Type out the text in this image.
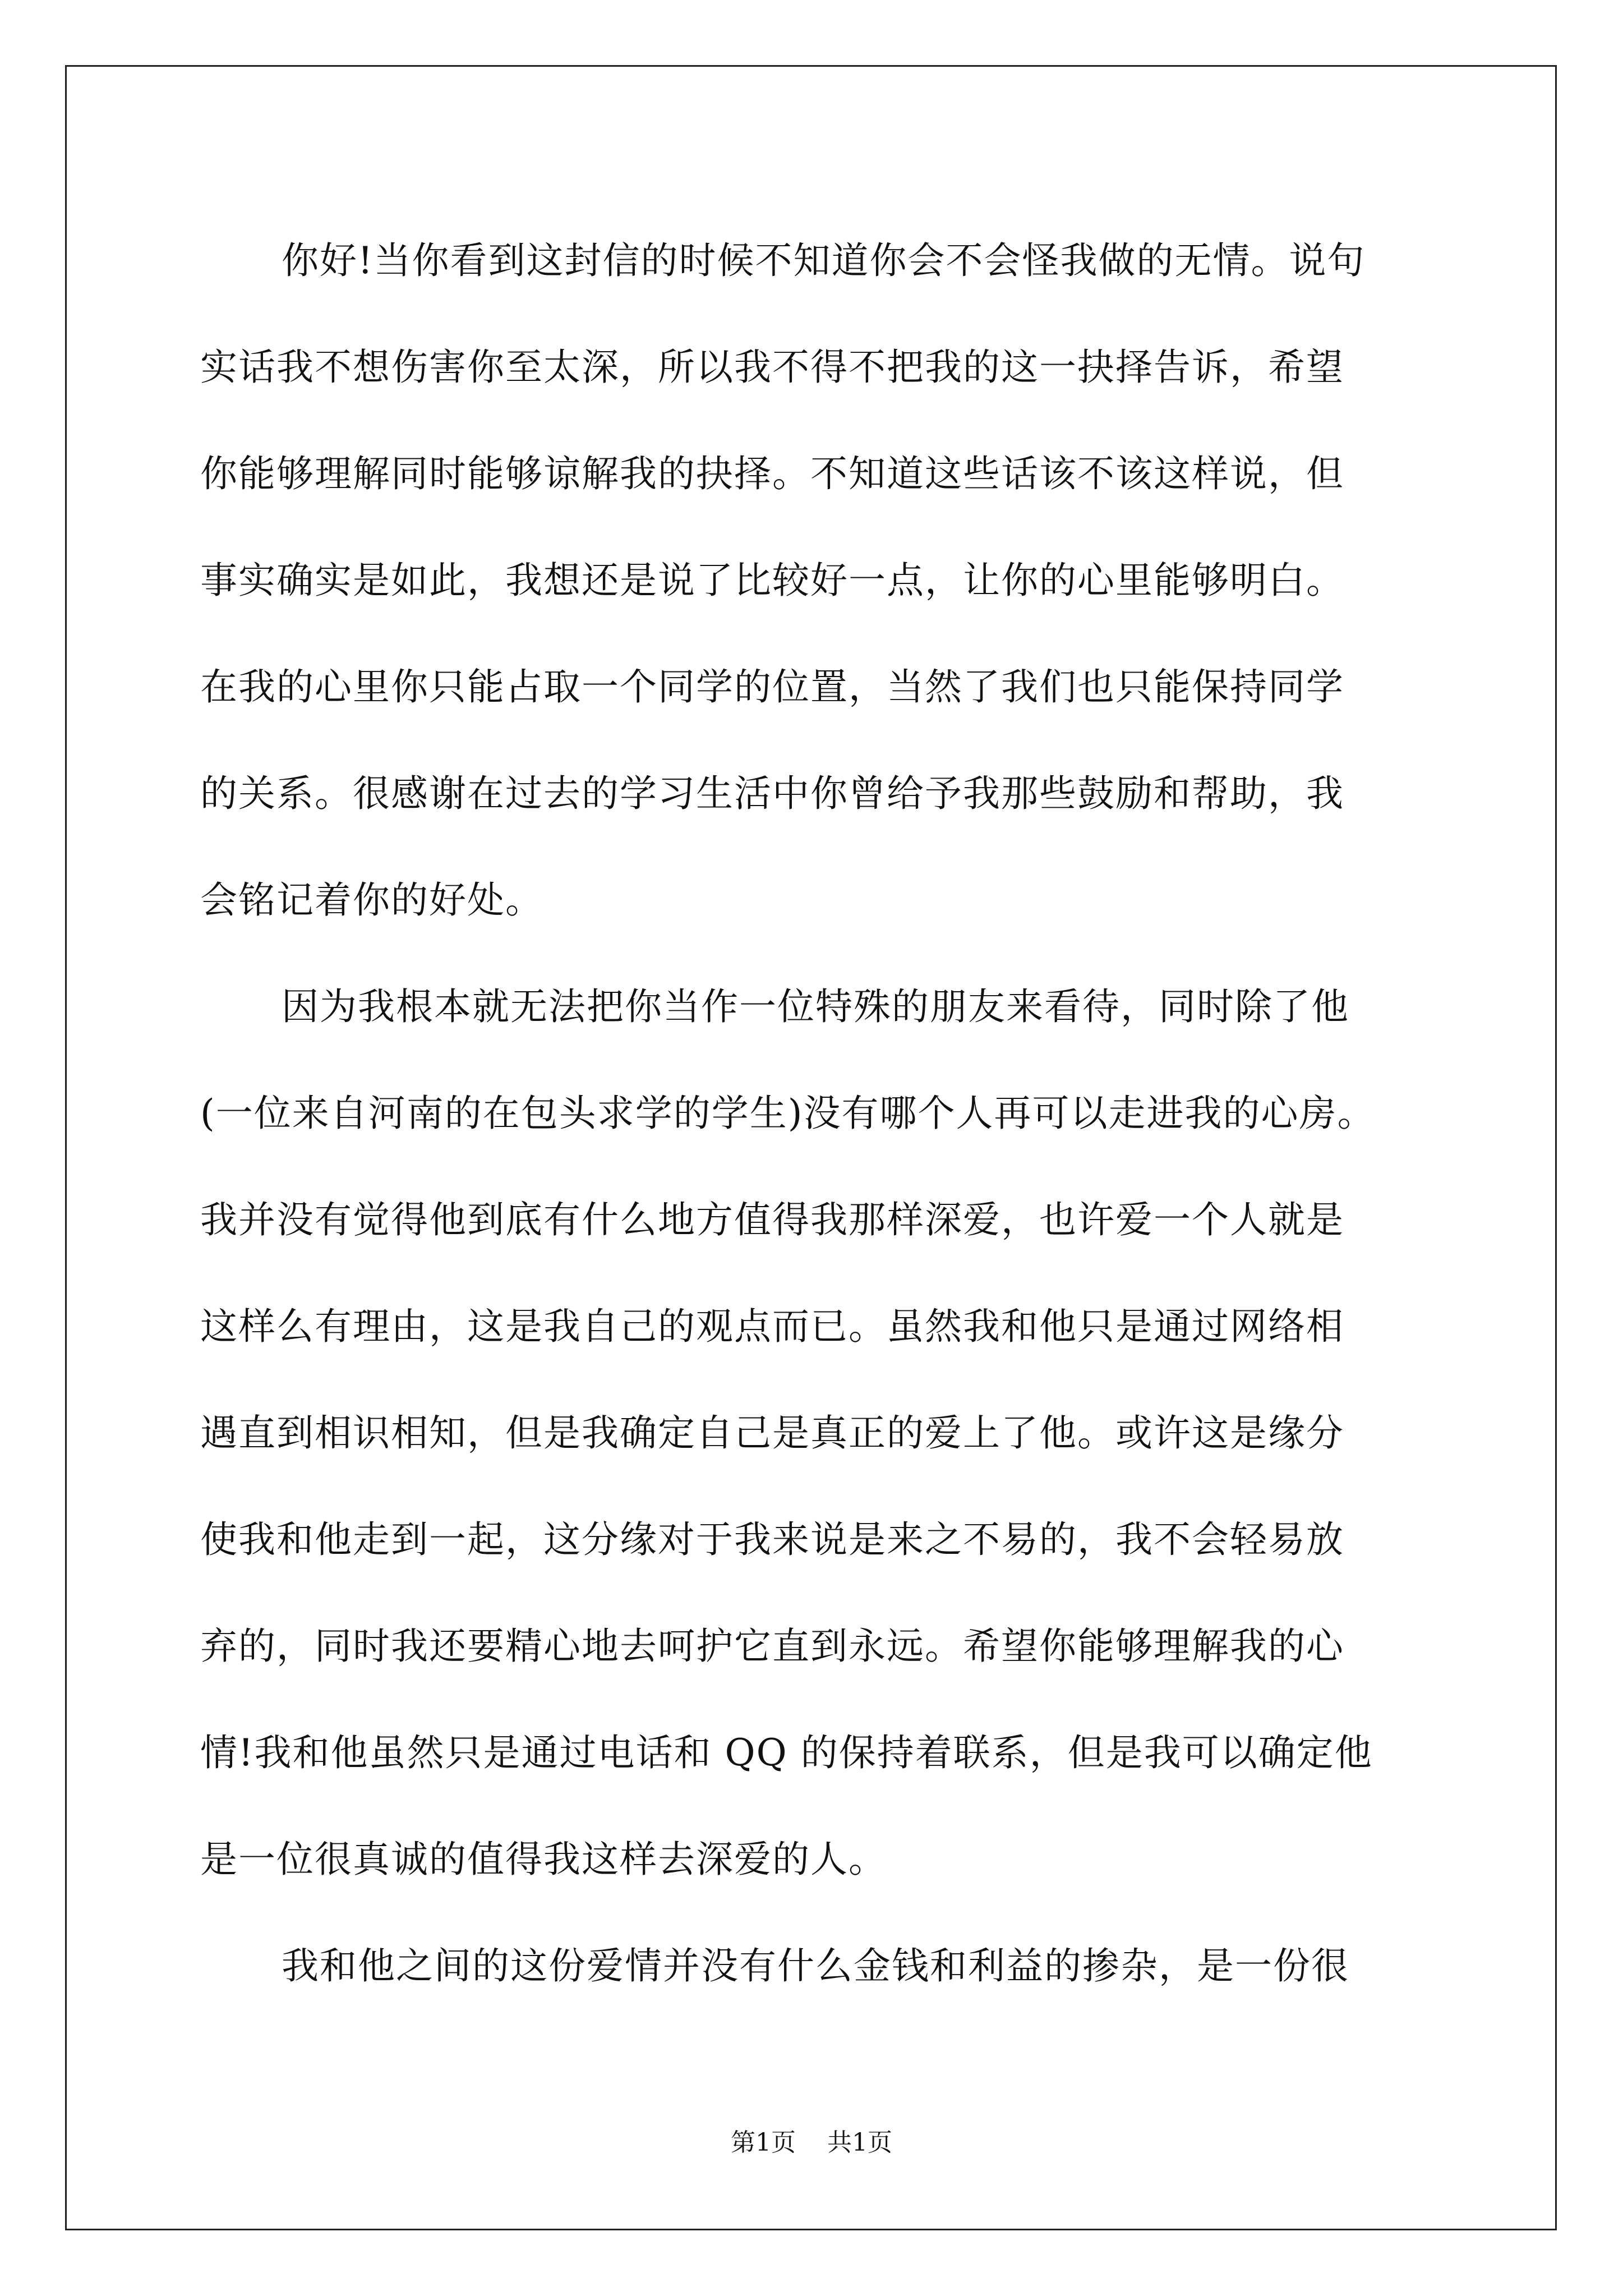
你好!当你看到这封信的时候不知道你会不会怪我做的无情。说句
实话我不想伤害你至太深，所以我不得不把我的这一抉择告诉，希望
你能够理解同时能够谅解我的抉择。不知道这些话该不该这样说，但
事实确实是如此，我想还是说了比较好一点，让你的心里能够明白。
在我的心里你只能占取一个同学的位置，当然了我们也只能保持同学
的关系。很感谢在过去的学习生活中你曾给予我那些鼓励和帮助，我
会铭记着你的好处。
因为我根本就无法把你当作一位特殊的朋友来看待，同时除了他
(一位来自河南的在包头求学的学生)没有哪个人再可以走进我的心房。
我并没有觉得他到底有什么地方值得我那样深爱，也许爱一个人就是
这样么有理由，这是我自己的观点而已。虽然我和他只是通过网络相
遇直到相识相知，但是我确定自己是真正的爱上了他。或许这是缘分
使我和他走到一起，这分缘对于我来说是来之不易的，我不会轻易放
弃的，同时我还要精心地去呵护它直到永远。希望你能够理解我的心
情!我和他虽然只是通过电话和 QQ 的保持着联系，但是我可以确定他
是一位很真诚的值得我这样去深爱的人。
我和他之间的这份爱情并没有什么金钱和利益的掺杂，是一份很
第1页 共1页
